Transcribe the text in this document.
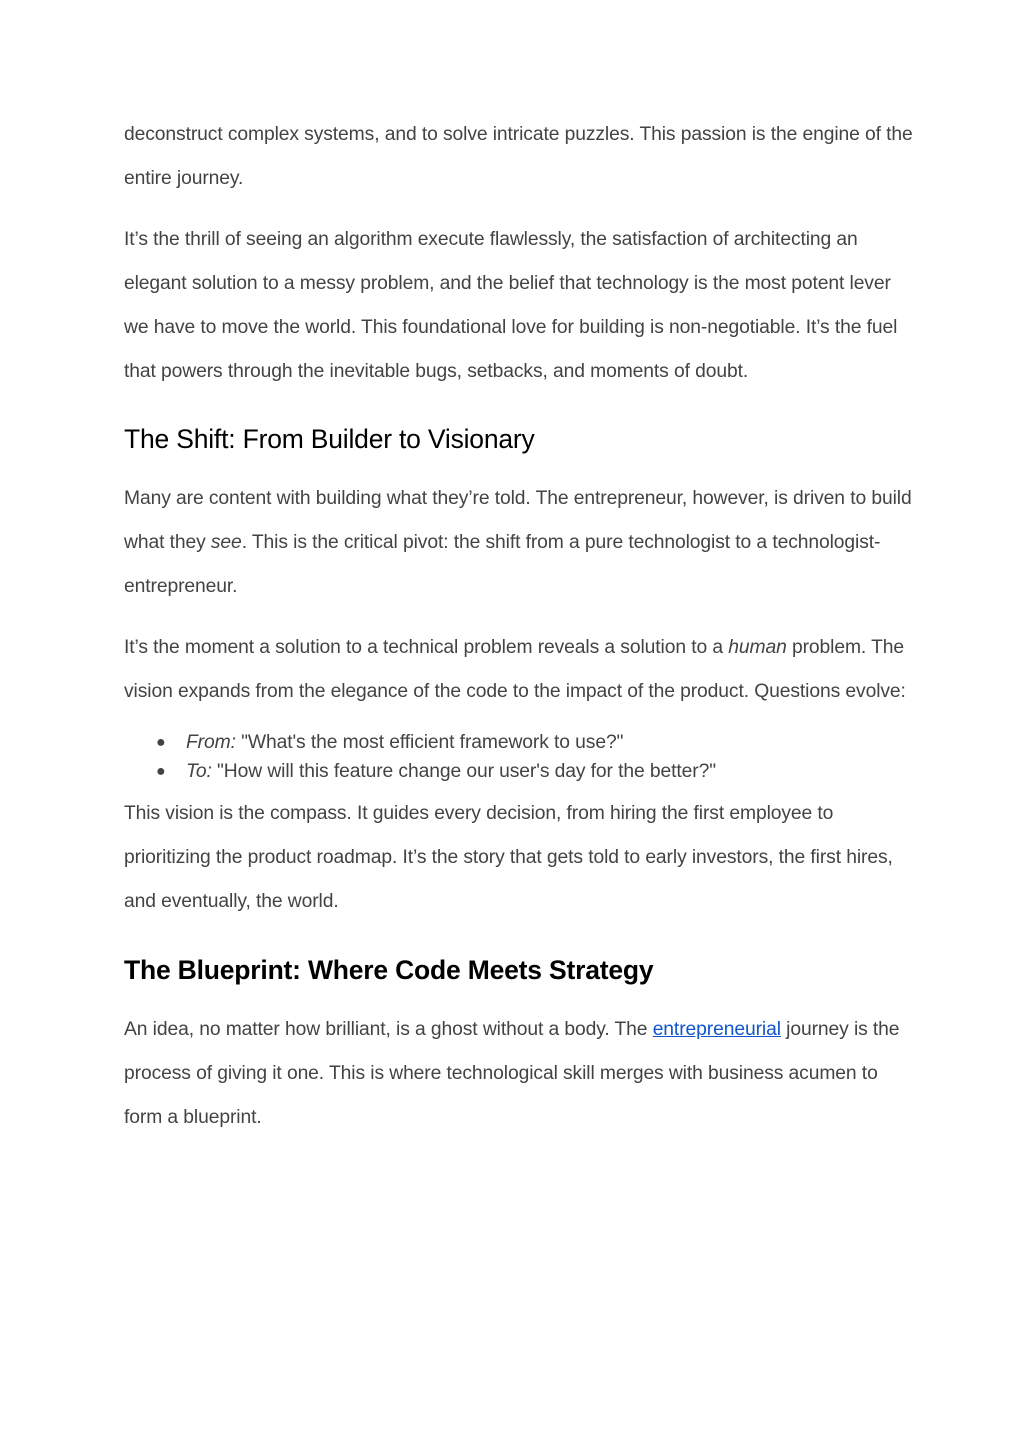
deconstruct complex systems, and to solve intricate puzzles. This passion is the engine of the entire journey.

It’s the thrill of seeing an algorithm execute flawlessly, the satisfaction of architecting an elegant solution to a messy problem, and the belief that technology is the most potent lever we have to move the world. This foundational love for building is non-negotiable. It’s the fuel that powers through the inevitable bugs, setbacks, and moments of doubt.

The Shift: From Builder to Visionary

Many are content with building what they’re told. The entrepreneur, however, is driven to build what they see. This is the critical pivot: the shift from a pure technologist to a technologist-entrepreneur.

It’s the moment a solution to a technical problem reveals a solution to a human problem. The vision expands from the elegance of the code to the impact of the product. Questions evolve:

● From: "What's the most efficient framework to use?"
● To: "How will this feature change our user's day for the better?"

This vision is the compass. It guides every decision, from hiring the first employee to prioritizing the product roadmap. It’s the story that gets told to early investors, the first hires, and eventually, the world.

The Blueprint: Where Code Meets Strategy

An idea, no matter how brilliant, is a ghost without a body. The entrepreneurial journey is the process of giving it one. This is where technological skill merges with business acumen to form a blueprint.
